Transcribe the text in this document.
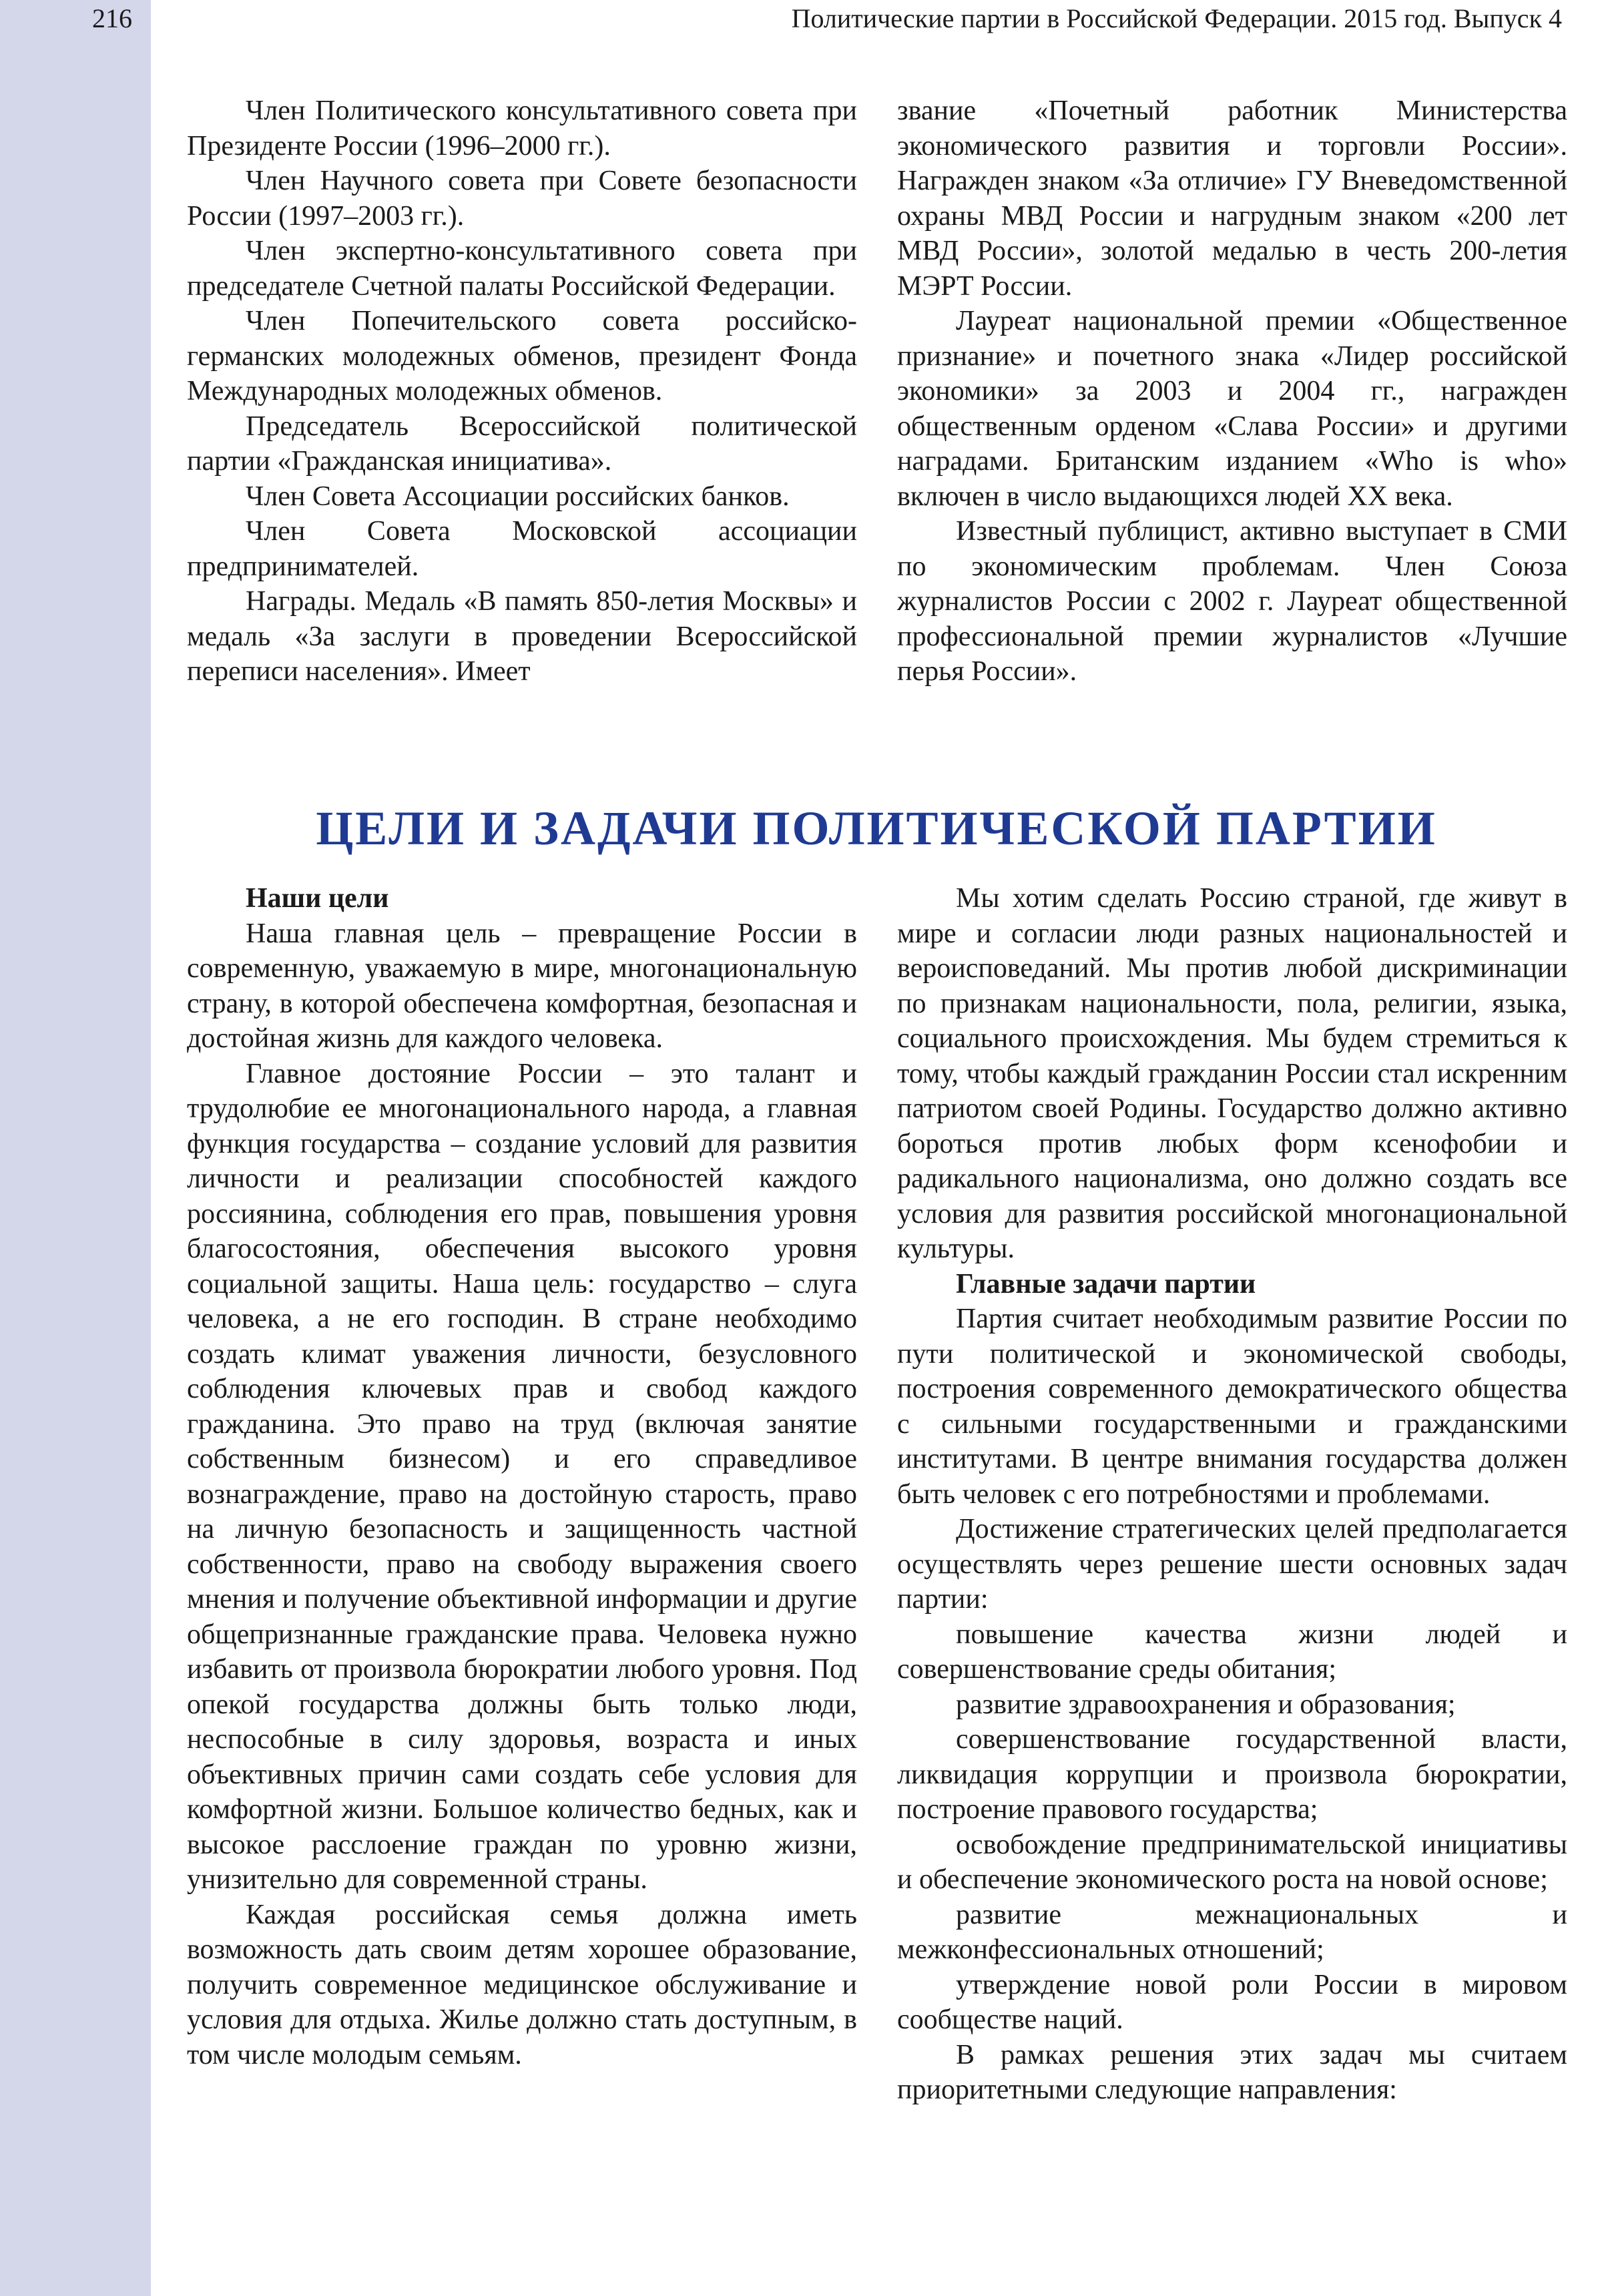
216	Политические партии в Российской Федерации. 2015 год. Выпуск 4

Член Политического консультативного совета при Президенте России (1996–2000 гг.).

Член Научного совета при Совете безопасности России (1997–2003 гг.).

Член экспертно-консультативного совета при председателе Счетной палаты Российской Федерации.

Член Попечительского совета российско-германских молодежных обменов, президент Фонда Международных молодежных обменов.

Председатель Всероссийской политической партии «Гражданская инициатива».

Член Совета Ассоциации российских банков.

Член Совета Московской ассоциации предпринимателей.

Награды. Медаль «В память 850-летия Москвы» и медаль «За заслуги в проведении Всероссийской переписи населения». Имеет

звание «Почетный работник Министерства экономического развития и торговли России». Награжден знаком «За отличие» ГУ Вневедомственной охраны МВД России и нагрудным знаком «200 лет МВД России», золотой медалью в честь 200-летия МЭРТ России.

Лауреат национальной премии «Общественное признание» и почетного знака «Лидер российской экономики» за 2003 и 2004 гг., награжден общественным орденом «Слава России» и другими наградами. Британским изданием «Who is who» включен в число выдающихся людей XX века.

Известный публицист, активно выступает в СМИ по экономическим проблемам. Член Союза журналистов России с 2002 г. Лауреат общественной профессиональной премии журналистов «Лучшие перья России».

ЦЕЛИ И ЗАДАЧИ ПОЛИТИЧЕСКОЙ ПАРТИИ

Наши цели

Наша главная цель – превращение России в современную, уважаемую в мире, многонациональную страну, в которой обеспечена комфортная, безопасная и достойная жизнь для каждого человека.

Главное достояние России – это талант и трудолюбие ее многонационального народа, а главная функция государства – создание условий для развития личности и реализации способностей каждого россиянина, соблюдения его прав, повышения уровня благосостояния, обеспечения высокого уровня социальной защиты. Наша цель: государство – слуга человека, а не его господин. В стране необходимо создать климат уважения личности, безусловного соблюдения ключевых прав и свобод каждого гражданина. Это право на труд (включая занятие собственным бизнесом) и его справедливое вознаграждение, право на достойную старость, право на личную безопасность и защищенность частной собственности, право на свободу выражения своего мнения и получение объективной информации и другие общепризнанные гражданские права. Человека нужно избавить от произвола бюрократии любого уровня. Под опекой государства должны быть только люди, неспособные в силу здоровья, возраста и иных объективных причин сами создать себе условия для комфортной жизни. Большое количество бедных, как и высокое расслоение граждан по уровню жизни, унизительно для современной страны.

Каждая российская семья должна иметь возможность дать своим детям хорошее образование, получить современное медицинское обслуживание и условия для отдыха. Жилье должно стать доступным, в том числе молодым семьям.

Мы хотим сделать Россию страной, где живут в мире и согласии люди разных национальностей и вероисповеданий. Мы против любой дискриминации по признакам национальности, пола, религии, языка, социального происхождения. Мы будем стремиться к тому, чтобы каждый гражданин России стал искренним патриотом своей Родины. Государство должно активно бороться против любых форм ксенофобии и радикального национализма, оно должно создать все условия для развития российской многонациональной культуры.

Главные задачи партии

Партия считает необходимым развитие России по пути политической и экономической свободы, построения современного демократического общества с сильными государственными и гражданскими институтами. В центре внимания государства должен быть человек с его потребностями и проблемами.

Достижение стратегических целей предполагается осуществлять через решение шести основных задач партии:

повышение качества жизни людей и совершенствование среды обитания;

развитие здравоохранения и образования;

совершенствование государственной власти, ликвидация коррупции и произвола бюрократии, построение правового государства;

освобождение предпринимательской инициативы и обеспечение экономического роста на новой основе;

развитие межнациональных и межконфессиональных отношений;

утверждение новой роли России в мировом сообществе наций.

В рамках решения этих задач мы считаем приоритетными следующие направления:
